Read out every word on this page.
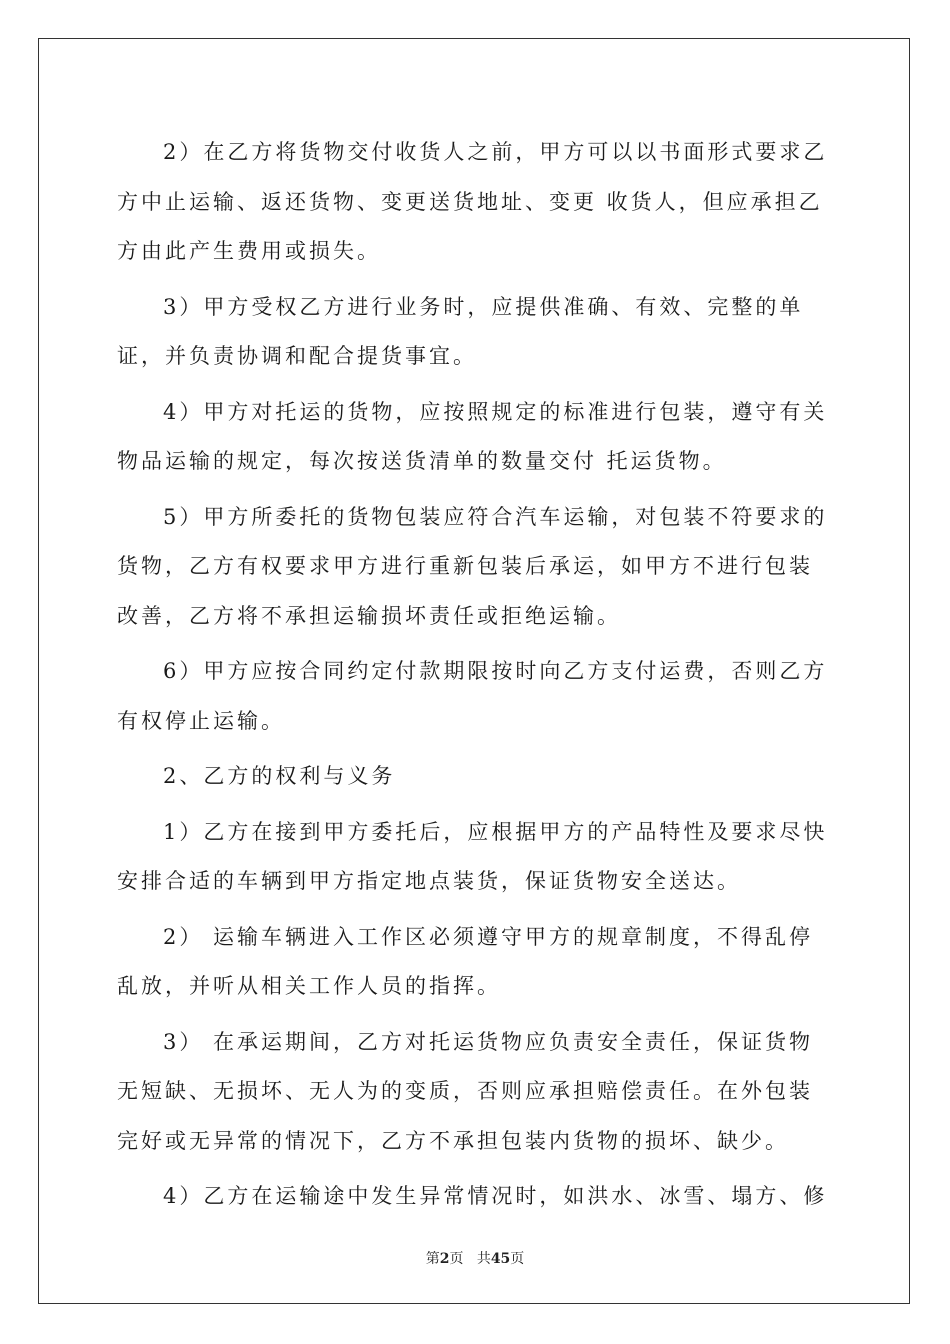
2）在乙方将货物交付收货人之前，甲方可以以书面形式要求乙方中止运输、返还货物、变更送货地址、变更 收货人，但应承担乙方由此产生费用或损失。

3）甲方受权乙方进行业务时，应提供准确、有效、完整的单证，并负责协调和配合提货事宜。

4）甲方对托运的货物，应按照规定的标准进行包装，遵守有关物品运输的规定，每次按送货清单的数量交付 托运货物。

5）甲方所委托的货物包装应符合汽车运输，对包装不符要求的货物，乙方有权要求甲方进行重新包装后承运，如甲方不进行包装改善，乙方将不承担运输损坏责任或拒绝运输。

6）甲方应按合同约定付款期限按时向乙方支付运费，否则乙方有权停止运输。

2、乙方的权利与义务

1）乙方在接到甲方委托后，应根据甲方的产品特性及要求尽快安排合适的车辆到甲方指定地点装货，保证货物安全送达。

2） 运输车辆进入工作区必须遵守甲方的规章制度，不得乱停乱放，并听从相关工作人员的指挥。

3） 在承运期间，乙方对托运货物应负责安全责任，保证货物无短缺、无损坏、无人为的变质，否则应承担赔偿责任。在外包装完好或无异常的情况下，乙方不承担包装内货物的损坏、缺少。

4）乙方在运输途中发生异常情况时，如洪水、冰雪、塌方、修

第2页 共45页
